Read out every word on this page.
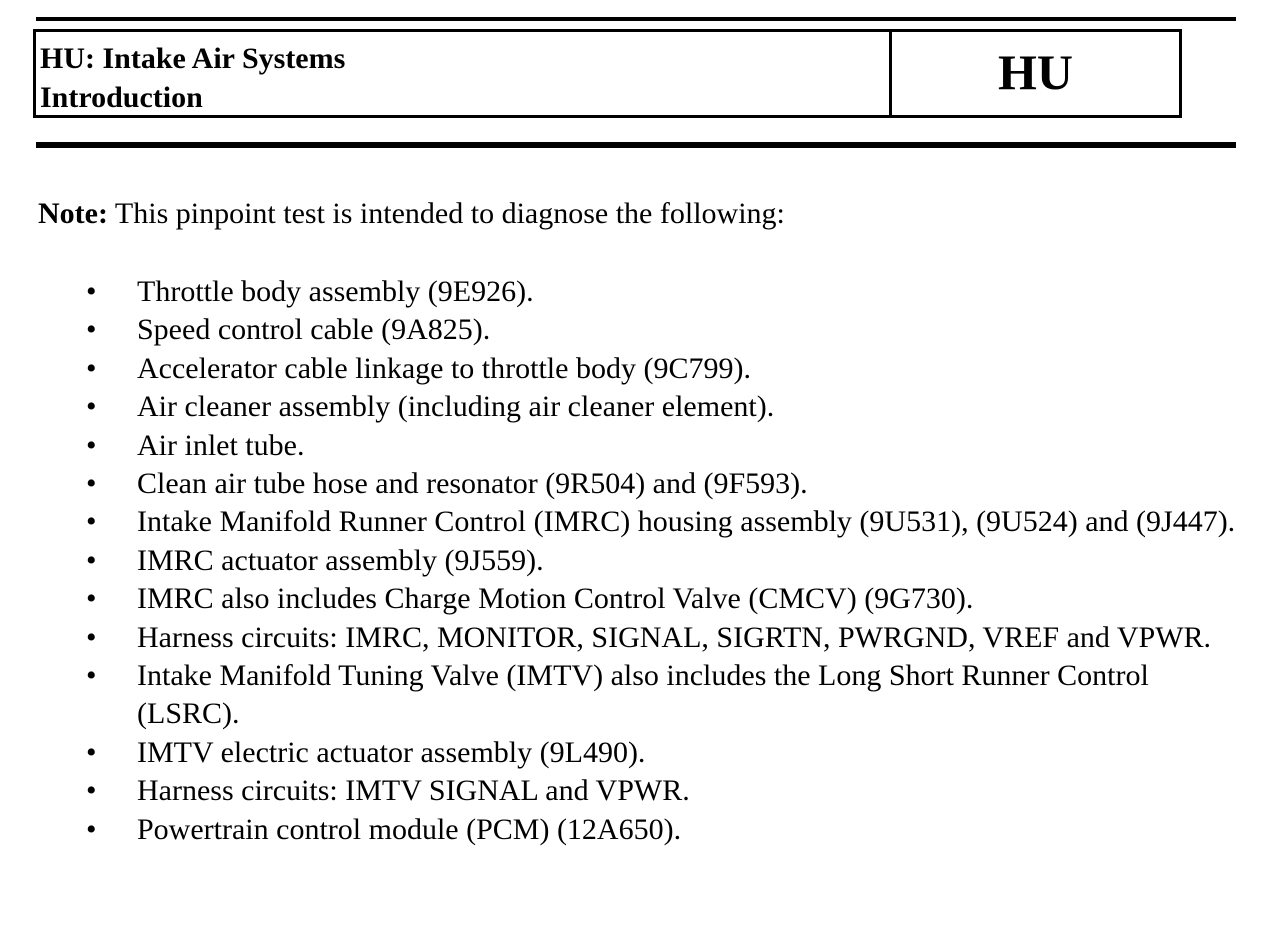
HU: Intake Air Systems
Introduction	HU
Note: This pinpoint test is intended to diagnose the following:
•	Throttle body assembly (9E926).
•	Speed control cable (9A825).
•	Accelerator cable linkage to throttle body (9C799).
•	Air cleaner assembly (including air cleaner element).
•	Air inlet tube.
•	Clean air tube hose and resonator (9R504) and (9F593).
•	Intake Manifold Runner Control (IMRC) housing assembly (9U531), (9U524) and (9J447).
•	IMRC actuator assembly (9J559).
•	IMRC also includes Charge Motion Control Valve (CMCV) (9G730).
•	Harness circuits: IMRC, MONITOR, SIGNAL, SIGRTN, PWRGND, VREF and VPWR.
•	Intake Manifold Tuning Valve (IMTV) also includes the Long Short Runner Control (LSRC).
•	IMTV electric actuator assembly (9L490).
•	Harness circuits: IMTV SIGNAL and VPWR.
•	Powertrain control module (PCM) (12A650).
